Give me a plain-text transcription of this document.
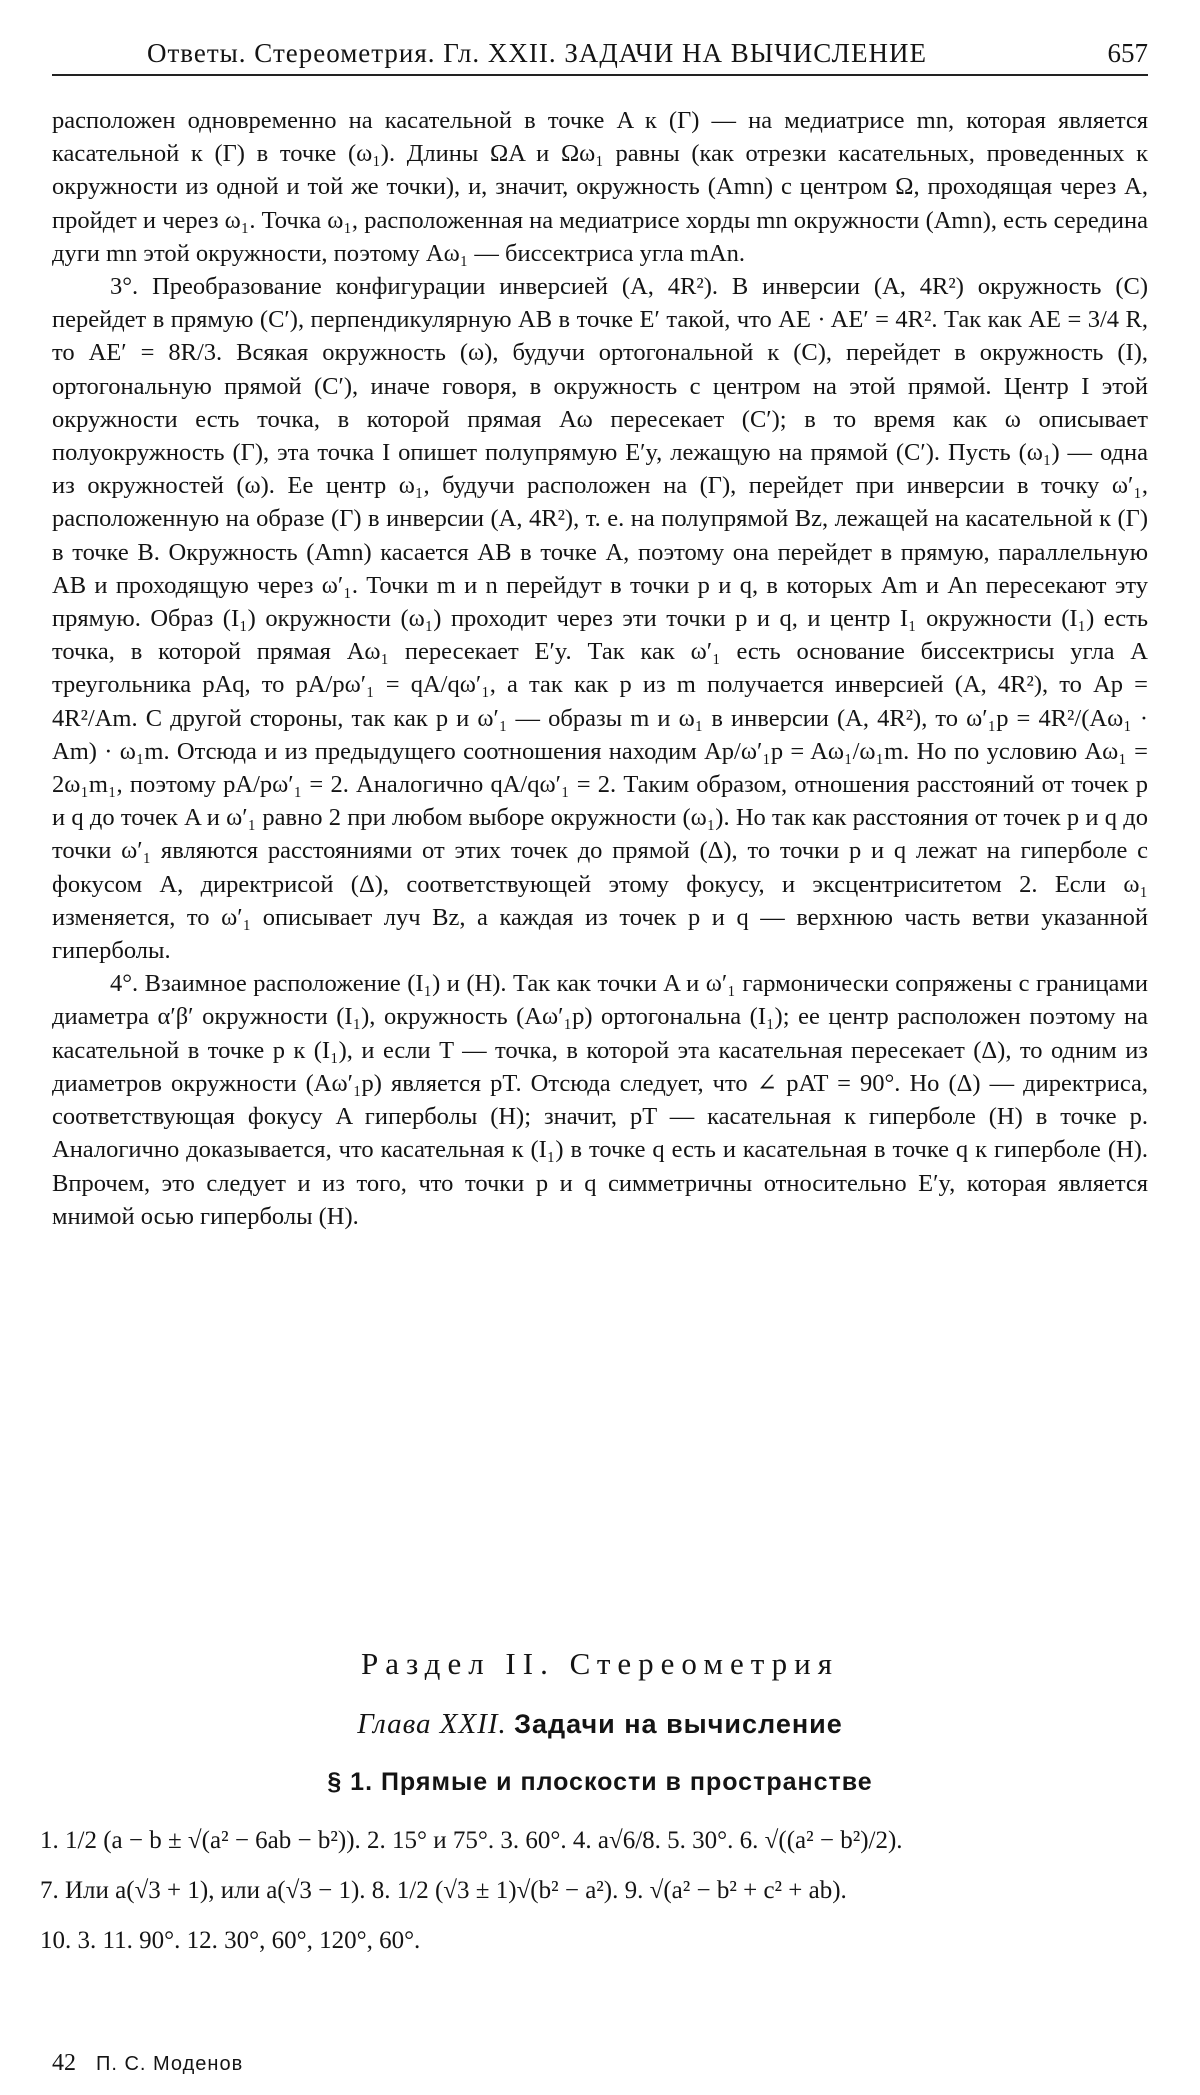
Ответы. Стереометрия. Гл. XXII. ЗАДАЧИ НА ВЫЧИСЛЕНИЕ	657

расположен одновременно на касательной в точке A к (Г) — на медиатрисе mn, которая является касательной к (Г) в точке (ω₁). Длины ΩA и Ωω₁ равны (как отрезки касательных, проведенных к окружности из одной и той же точки), и, значит, окружность (Amn) с центром Ω, проходящая через A, пройдет и через ω₁. Точка ω₁, расположенная на медиатрисе хорды mn окружности (Amn), есть середина дуги mn этой окружности, поэтому Aω₁ — биссектриса угла mAn.

3°. Преобразование конфигурации инверсией (A, 4R²). В инверсии (A, 4R²) окружность (C) перейдет в прямую (C′), перпендикулярную AB в точке E′ такой, что AE · AE′ = 4R². Так как AE = 3/4 R, то AE′ = 8R/3. Всякая окружность (ω), будучи ортогональной к (C), перейдет в окружность (I), ортогональную прямой (C′), иначе говоря, в окружность с центром на этой прямой. Центр I этой окружности есть точка, в которой прямая Aω пересекает (C′); в то время как ω описывает полуокружность (Г), эта точка I опишет полупрямую E′y, лежащую на прямой (C′). Пусть (ω₁) — одна из окружностей (ω). Ее центр ω₁, будучи расположен на (Г), перейдет при инверсии в точку ω′₁, расположенную на образе (Г) в инверсии (A, 4R²), т. е. на полупрямой Bz, лежащей на касательной к (Г) в точке B. Окружность (Amn) касается AB в точке A, поэтому она перейдет в прямую, параллельную AB и проходящую через ω′₁. Точки m и n перейдут в точки p и q, в которых Am и An пересекают эту прямую. Образ (I₁) окружности (ω₁) проходит через эти точки p и q, и центр I₁ окружности (I₁) есть точка, в которой прямая Aω₁ пересекает E′y. Так как ω′₁ есть основание биссектрисы угла A треугольника pAq, то pA/pω′₁ = qA/qω′₁, а так как p из m получается инверсией (A, 4R²), то Ap = 4R²/Am. С другой стороны, так как p и ω′₁ — образы m и ω₁ в инверсии (A, 4R²), то ω′₁p = 4R²/(Aω₁ · Am) · ω₁m. Отсюда и из предыдущего соотношения находим Ap/ω′₁p = Aω₁/ω₁m. Но по условию Aω₁ = 2ω₁m₁, поэтому pA/pω′₁ = 2. Аналогично qA/qω′₁ = 2. Таким образом, отношения расстояний от точек p и q до точек A и ω′₁ равно 2 при любом выборе окружности (ω₁). Но так как расстояния от точек p и q до точки ω′₁ являются расстояниями от этих точек до прямой (Δ), то точки p и q лежат на гиперболе с фокусом A, директрисой (Δ), соответствующей этому фокусу, и эксцентриситетом 2. Если ω₁ изменяется, то ω′₁ описывает луч Bz, а каждая из точек p и q — верхнюю часть ветви указанной гиперболы.

4°. Взаимное расположение (I₁) и (H). Так как точки A и ω′₁ гармонически сопряжены с границами диаметра α′β′ окружности (I₁), окружность (Aω′₁p) ортогональна (I₁); ее центр расположен поэтому на касательной в точке p к (I₁), и если T — точка, в которой эта касательная пересекает (Δ), то одним из диаметров окружности (Aω′₁p) является pT. Отсюда следует, что ∠ pAT = 90°. Но (Δ) — директриса, соответствующая фокусу A гиперболы (H); значит, pT — касательная к гиперболе (H) в точке p. Аналогично доказывается, что касательная к (I₁) в точке q есть и касательная в точке q к гиперболе (H). Впрочем, это следует и из того, что точки p и q симметричны относительно E′y, которая является мнимой осью гиперболы (H).

Раздел II. Стереометрия
Глава XXII. Задачи на вычисление
§ 1. Прямые и плоскости в пространстве
1. 1/2 (a − b ± √(a² − 6ab − b²)). 2. 15° и 75°. 3. 60°. 4. a√6/8. 5. 30°. 6. √((a² − b²)/2).
7. Или a(√3 + 1), или a(√3 − 1). 8. 1/2 (√3 ± 1)√(b² − a²). 9. √(a² − b² + c² + ab).
10. 3. 11. 90°. 12. 30°, 60°, 120°, 60°.
42 П. С. Моденов
